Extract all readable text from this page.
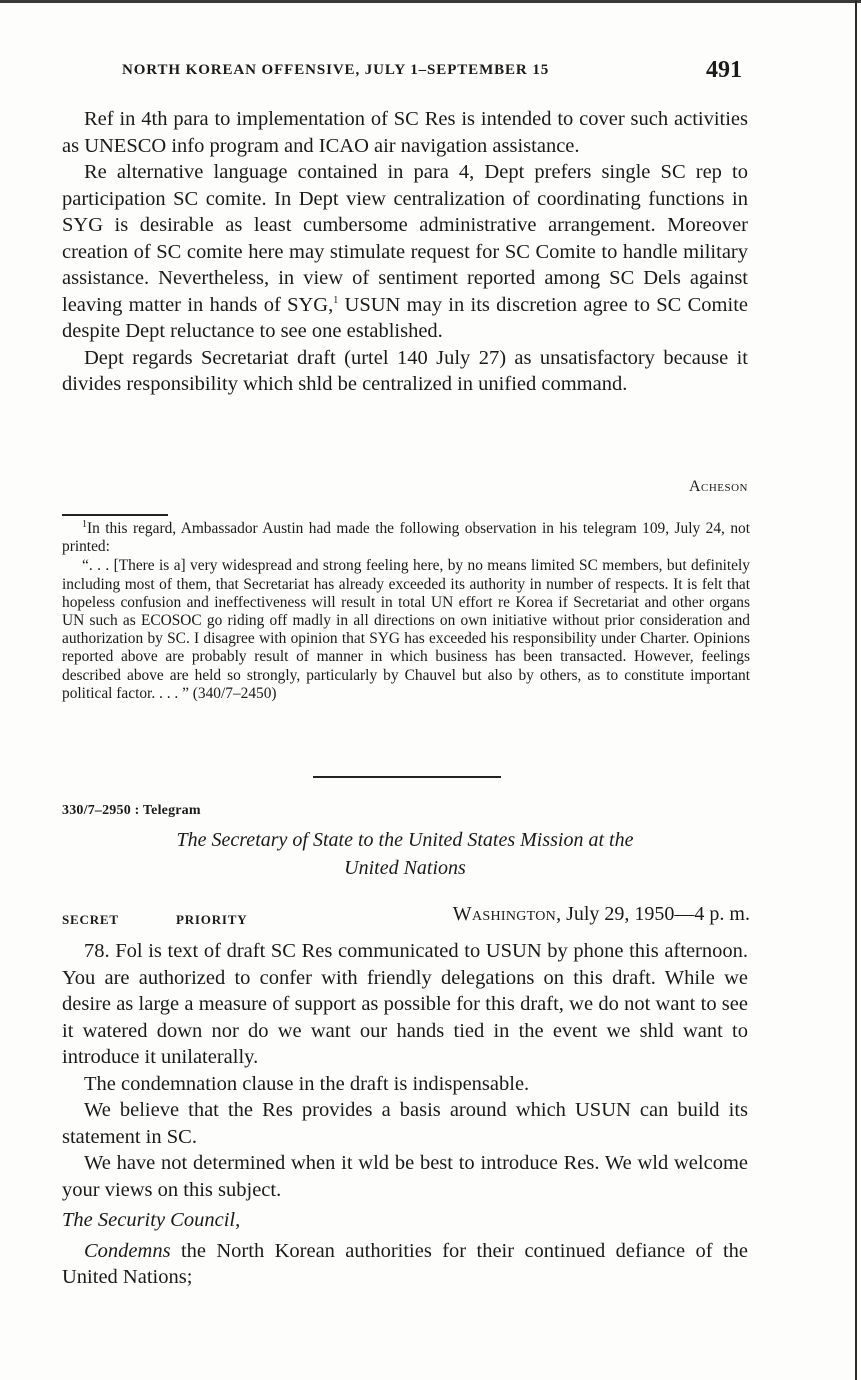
NORTH KOREAN OFFENSIVE, JULY 1–SEPTEMBER 15	491

Ref in 4th para to implementation of SC Res is intended to cover such activities as UNESCO info program and ICAO air navigation assistance.

Re alternative language contained in para 4, Dept prefers single SC rep to participation SC comite. In Dept view centralization of coordinating functions in SYG is desirable as least cumbersome administrative arrangement. Moreover creation of SC comite here may stimulate request for SC Comite to handle military assistance. Nevertheless, in view of sentiment reported among SC Dels against leaving matter in hands of SYG,$^1$ USUN may in its discretion agree to SC Comite despite Dept reluctance to see one established.

Dept regards Secretariat draft (urtel 140 July 27) as unsatisfactory because it divides responsibility which shld be centralized in unified command.

Acheson

$^1$In this regard, Ambassador Austin had made the following observation in his telegram 109, July 24, not printed:

“. . . [There is a] very widespread and strong feeling here, by no means limited SC members, but definitely including most of them, that Secretariat has already exceeded its authority in number of respects. It is felt that hopeless confusion and ineffectiveness will result in total UN effort re Korea if Secretariat and other organs UN such as ECOSOC go riding off madly in all directions on own initiative without prior consideration and authorization by SC. I disagree with opinion that SYG has exceeded his responsibility under Charter. Opinions reported above are probably result of manner in which business has been transacted. However, feelings described above are held so strongly, particularly by Chauvel but also by others, as to constitute important political factor. . . . ” (340/7–2450)

330/7–2950 : Telegram
The Secretary of State to the United States Mission at the
United Nations
SECRET	PRIORITY	Washington, July 29, 1950—4 p. m.

78. Fol is text of draft SC Res communicated to USUN by phone this afternoon. You are authorized to confer with friendly delegations on this draft. While we desire as large a measure of support as possible for this draft, we do not want to see it watered down nor do we want our hands tied in the event we shld want to introduce it unilaterally.

The condemnation clause in the draft is indispensable.

We believe that the Res provides a basis around which USUN can build its statement in SC.

We have not determined when it wld be best to introduce Res. We wld welcome your views on this subject.

The Security Council,

Condemns the North Korean authorities for their continued defiance of the United Nations;
